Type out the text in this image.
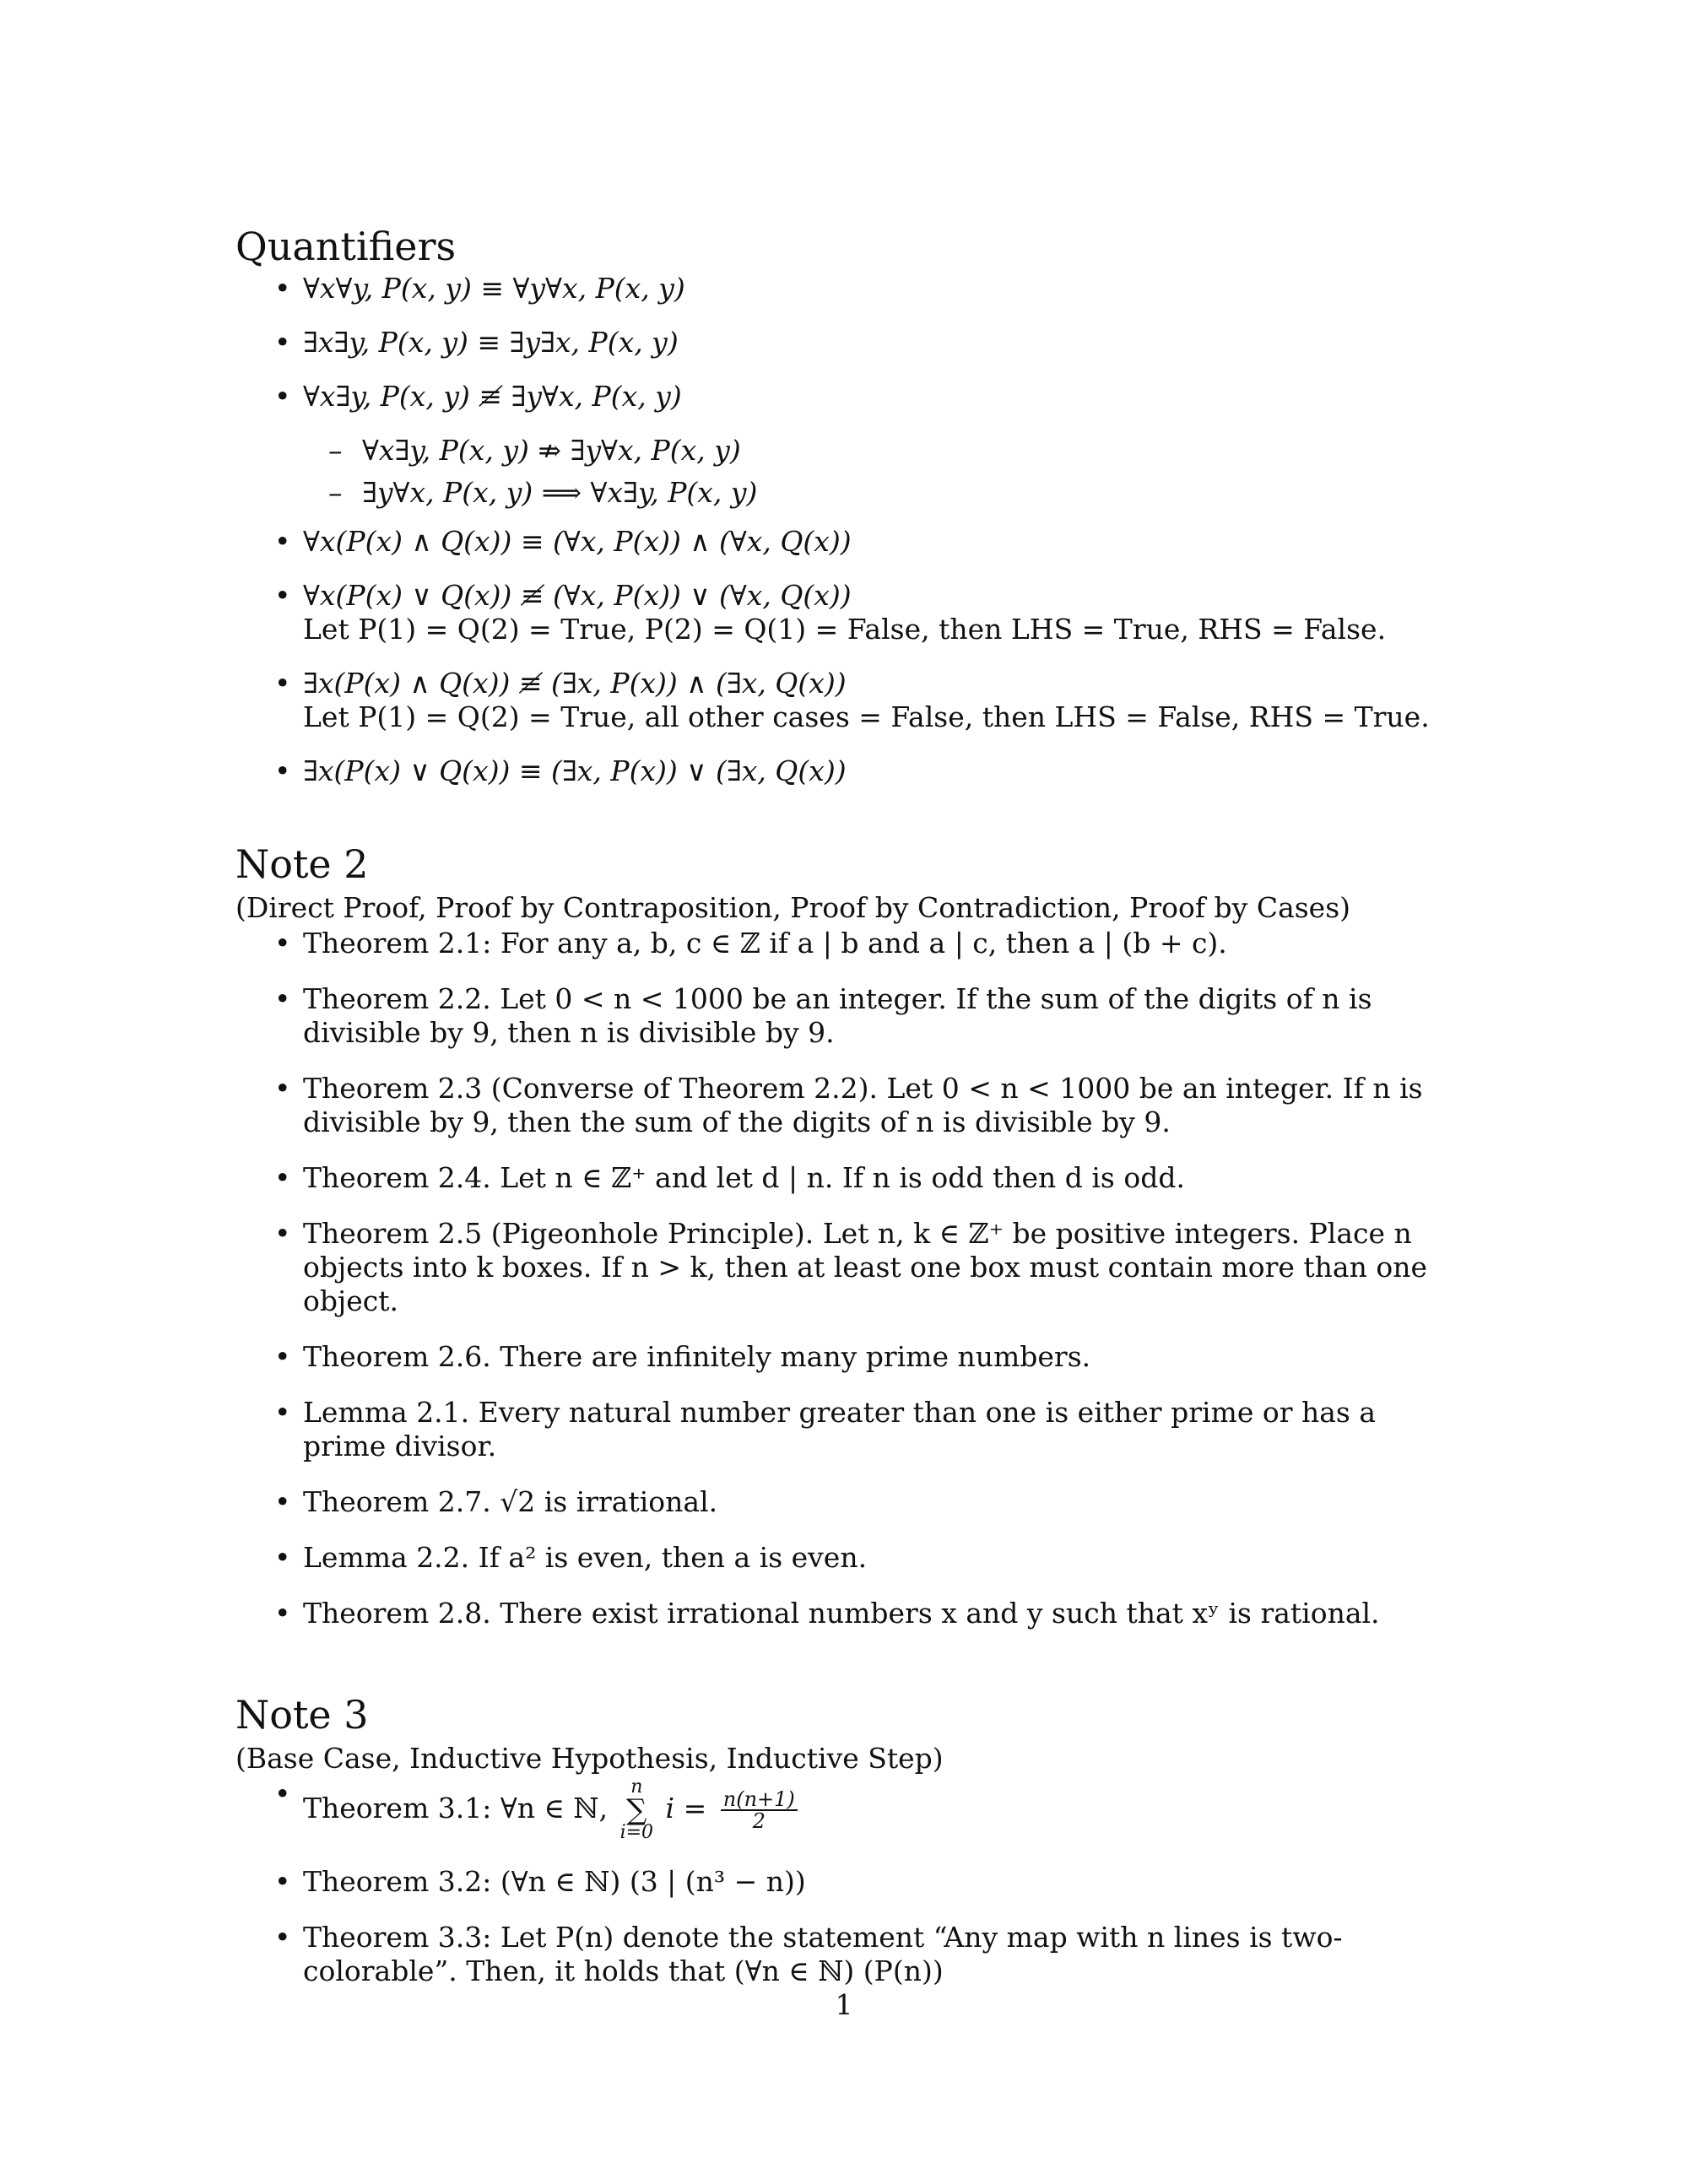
Quantifiers
• ∀x∀y, P(x, y) ≡ ∀y∀x, P(x, y)
• ∃x∃y, P(x, y) ≡ ∃y∃x, P(x, y)
• ∀x∃y, P(x, y) ≢ ∃y∀x, P(x, y)
– ∀x∃y, P(x, y) ⇏ ∃y∀x, P(x, y)
– ∃y∀x, P(x, y) ⟹ ∀x∃y, P(x, y)
• ∀x(P(x) ∧ Q(x)) ≡ (∀x, P(x)) ∧ (∀x, Q(x))
• ∀x(P(x) ∨ Q(x)) ≢ (∀x, P(x)) ∨ (∀x, Q(x))
Let P(1) = Q(2) = True, P(2) = Q(1) = False, then LHS = True, RHS = False.
• ∃x(P(x) ∧ Q(x)) ≢ (∃x, P(x)) ∧ (∃x, Q(x))
Let P(1) = Q(2) = True, all other cases = False, then LHS = False, RHS = True.
• ∃x(P(x) ∨ Q(x)) ≡ (∃x, P(x)) ∨ (∃x, Q(x))
Note 2

(Direct Proof, Proof by Contraposition, Proof by Contradiction, Proof by Cases)

• Theorem 2.1: For any a, b, c ∈ ℤ if a | b and a | c, then a | (b + c).
• Theorem 2.2. Let 0 < n < 1000 be an integer. If the sum of the digits of n is divisible by 9, then n is divisible by 9.
• Theorem 2.3 (Converse of Theorem 2.2). Let 0 < n < 1000 be an integer. If n is divisible by 9, then the sum of the digits of n is divisible by 9.
• Theorem 2.4. Let n ∈ ℤ⁺ and let d | n. If n is odd then d is odd.
• Theorem 2.5 (Pigeonhole Principle). Let n, k ∈ ℤ⁺ be positive integers. Place n objects into k boxes. If n > k, then at least one box must contain more than one object.
• Theorem 2.6. There are infinitely many prime numbers.
• Lemma 2.1. Every natural number greater than one is either prime or has a prime divisor.
• Theorem 2.7. √2 is irrational.
• Lemma 2.2. If a² is even, then a is even.
• Theorem 2.8. There exist irrational numbers x and y such that xʸ is rational.
Note 3

(Base Case, Inductive Hypothesis, Inductive Step)

• Theorem 3.1: ∀n ∈ ℕ,
n
∑
i=0
$i = \frac{n(n+1)}{2}$
• Theorem 3.2: (∀n ∈ ℕ) (3 | (n³ − n))
• Theorem 3.3: Let P(n) denote the statement “Any map with n lines is two-colorable”. Then, it holds that (∀n ∈ ℕ) (P(n))
1
